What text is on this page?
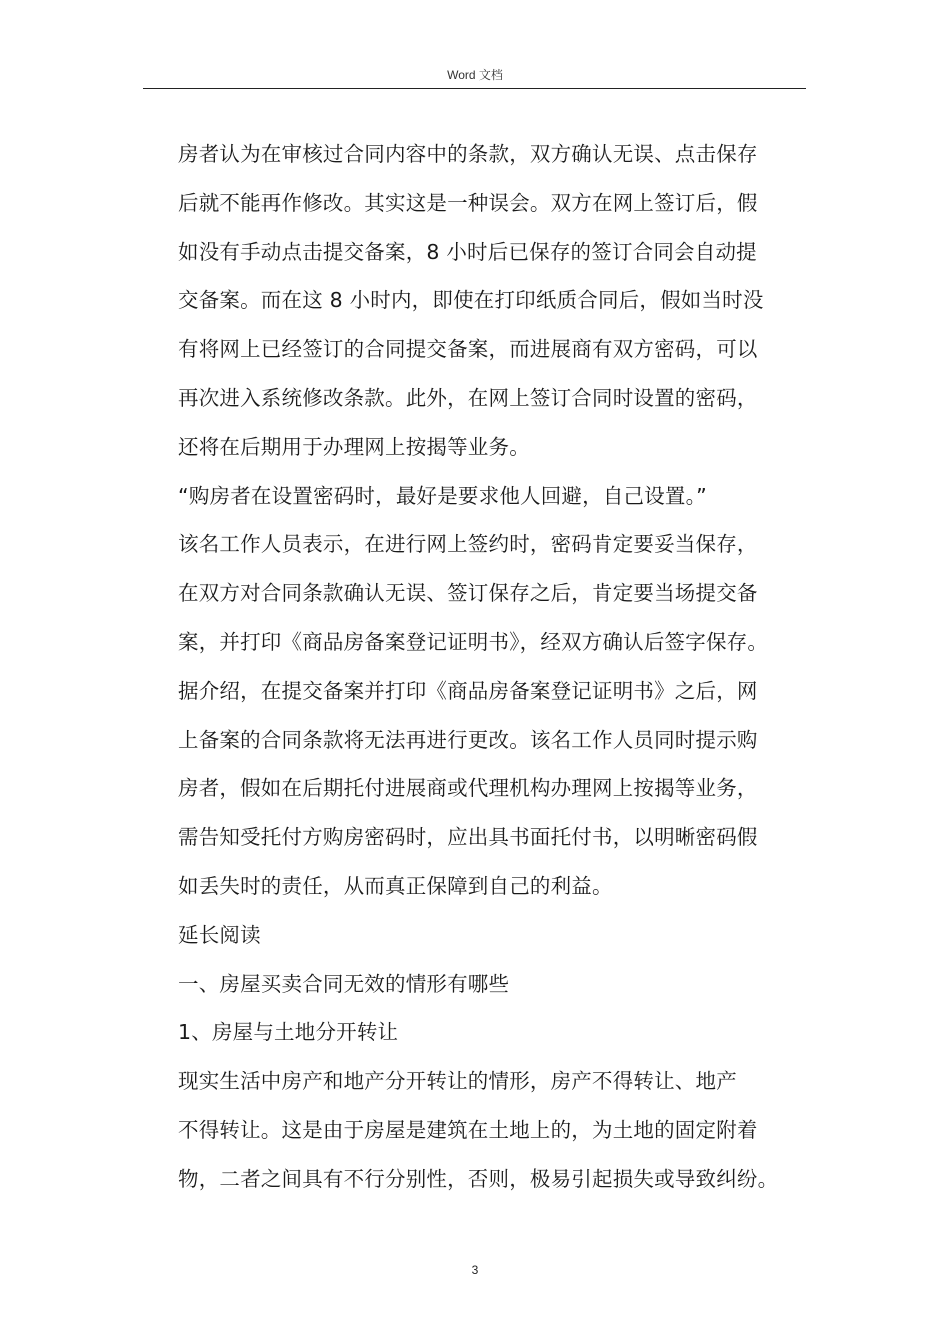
Word 文档
房者认为在审核过合同内容中的条款，双方确认无误、点击保存
后就不能再作修改。其实这是一种误会。双方在网上签订后，假
如没有手动点击提交备案，8 小时后已保存的签订合同会自动提
交备案。而在这 8 小时内，即使在打印纸质合同后，假如当时没
有将网上已经签订的合同提交备案，而进展商有双方密码，可以
再次进入系统修改条款。此外，在网上签订合同时设置的密码，
还将在后期用于办理网上按揭等业务。
“购房者在设置密码时，最好是要求他人回避，自己设置。”
该名工作人员表示，在进行网上签约时，密码肯定要妥当保存，
在双方对合同条款确认无误、签订保存之后，肯定要当场提交备
案，并打印《商品房备案登记证明书》，经双方确认后签字保存。
据介绍，在提交备案并打印《商品房备案登记证明书》之后，网
上备案的合同条款将无法再进行更改。该名工作人员同时提示购
房者，假如在后期托付进展商或代理机构办理网上按揭等业务，
需告知受托付方购房密码时，应出具书面托付书，以明晰密码假
如丢失时的责任，从而真正保障到自己的利益。
延长阅读
一、房屋买卖合同无效的情形有哪些
1、房屋与土地分开转让
现实生活中房产和地产分开转让的情形，房产不得转让、地产
不得转让。这是由于房屋是建筑在土地上的，为土地的固定附着
物，二者之间具有不行分别性，否则，极易引起损失或导致纠纷。
3
